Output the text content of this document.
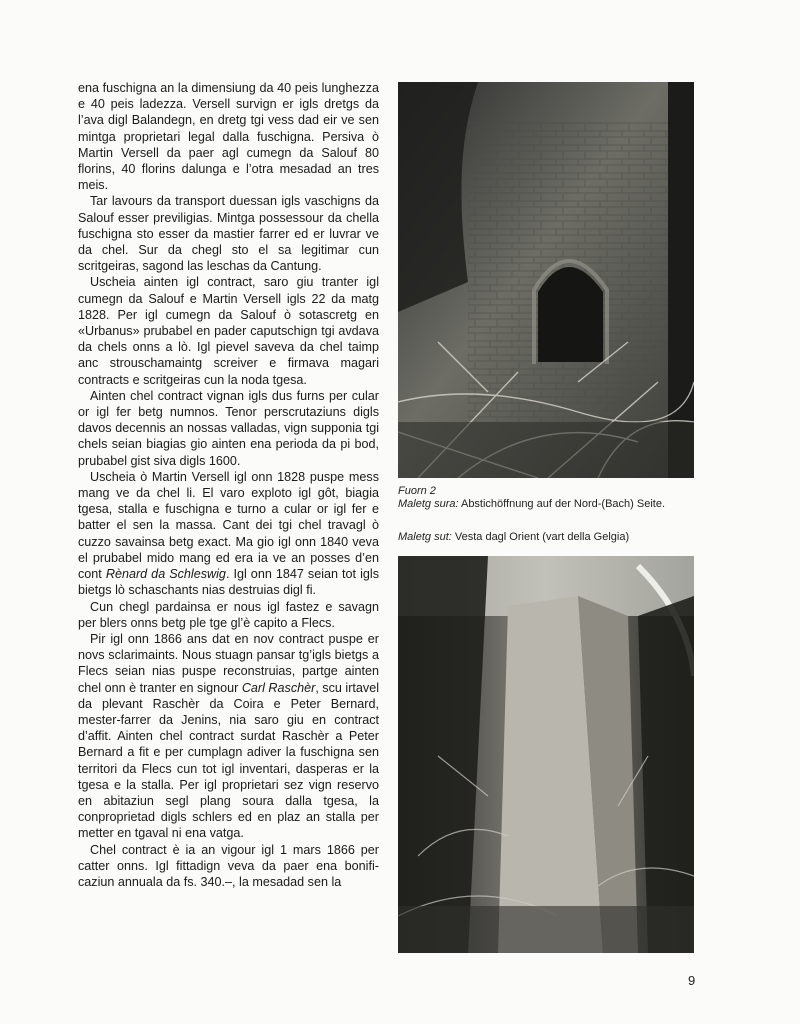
ena fuschigna an la dimensiung da 40 peis lunghezza e 40 peis ladezza. Versell survign er igls dretgs da l’ava digl Balandegn, en dretg tgi vess dad eir ve sen mintga proprietari legal dalla fuschigna. Persiva ò Martin Versell da paer agl cumegn da Salouf 80 florins, 40 florins dalunga e l’otra mesadad an tres meis.

Tar lavours da transport duessan igls vaschigns da Salouf esser previligias. Mintga possessour da chella fuschigna sto esser da mastier farrer ed er luvrar ve da chel. Sur da chegl sto el sa legitimar cun scritgeiras, sagond las leschas da Cantung.

Uscheia ainten igl contract, saro giu tranter igl cumegn da Salouf e Martin Versell igls 22 da matg 1828. Per igl cumegn da Salouf ò sotascretg en «Urbanus» prubabel en pader caputschign tgi avdava da chels onns a lò. Igl pievel saveva da chel taimp anc strouschamaintg screiver e firmava magari contracts e scritgeiras cun la noda tgesa.

Ainten chel contract vignan igls dus furns per cular or igl fer betg numnos. Tenor perscrutaziuns digls davos decennis an nossas valladas, vign supponia tgi chels seian biagias gio ainten ena perioda da pi bod, prubabel gist siva digls 1600.

Uscheia ò Martin Versell igl onn 1828 puspe mess mang ve da chel li. El varo exploto igl gôt, biagia tgesa, stalla e fuschigna e turno a cular or igl fer e batter el sen la massa. Cant dei tgi chel travagl ò cuzzo savainsa betg exact. Ma gio igl onn 1840 veva el prubabel mido mang ed era ia ve an posses d’en cont Rènard da Schleswig. Igl onn 1847 seian tot igls bietgs lò schaschants nias destruias digl fi.

Cun chegl pardainsa er nous igl fastez e savagn per blers onns betg ple tge gl’è capito a Flecs.

Pir igl onn 1866 ans dat en nov contract puspe er novs sclarimaints. Nous stuagn pansar tg’igls bietgs a Flecs seian nias puspe reconstruias, partge ainten chel onn è tranter en signour Carl Raschèr, scu irtavel da plevant Raschèr da Coira e Peter Bernard, mester-farrer da Jenins, nia saro giu en contract d’affit. Ainten chel contract surdat Raschèr a Peter Bernard a fit e per cumplagn adiver la fuschigna sen territori da Flecs cun tot igl inventari, dasperas er la tgesa e la stalla. Per igl proprietari sez vign reservo en abitaziun segl plang soura dalla tgesa, la conproprietad digls schlers ed en plaz an stalla per metter en tgaval ni ena vatga.

Chel contract è ia an vigour igl 1 mars 1866 per catter onns. Igl fittadign veva da paer ena bonificaziun annuala da fs. 340.–, la mesadad sen la

Fuorn 2
Maletg sura: Abstichöffnung auf der Nord-(Bach) Seite.
Maletg sut: Vesta dagl Orient (vart della Gelgia)
9
